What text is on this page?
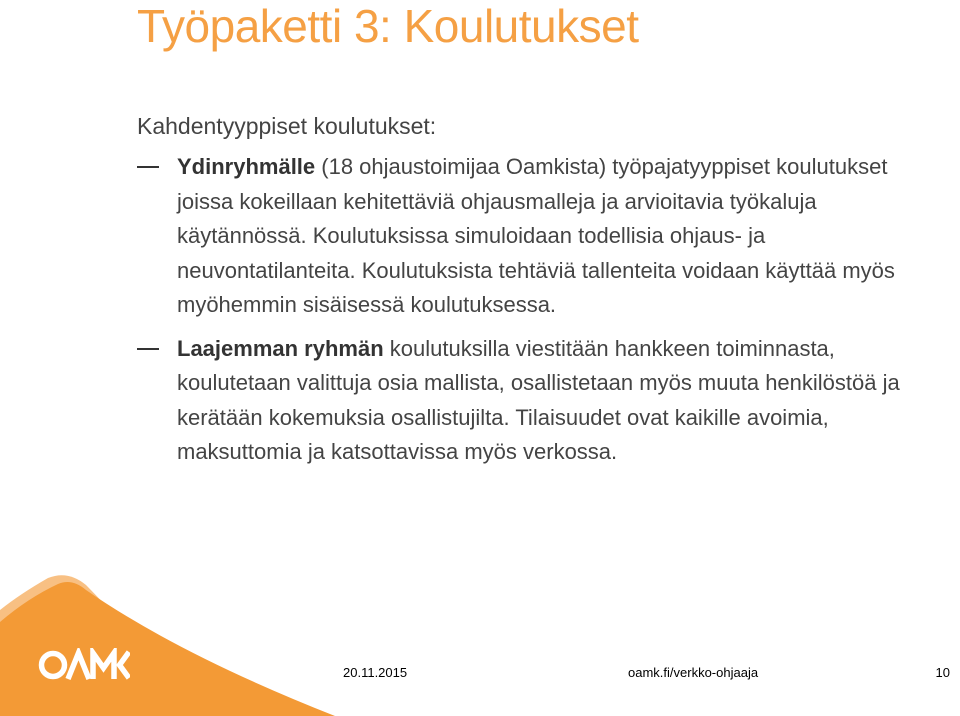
Työpaketti 3: Koulutukset
Kahdentyyppiset koulutukset:
Ydinryhmälle (18 ohjaustoimijaa Oamkista) työpajatyyppiset koulutukset joissa kokeillaan kehitettäviä ohjausmalleja ja arvioitavia työkaluja käytännössä. Koulutuksissa simuloidaan todellisia ohjaus- ja neuvontatilanteita. Koulutuksista tehtäviä tallenteita voidaan käyttää myös myöhemmin sisäisessä koulutuksessa.
Laajemman ryhmän koulutuksilla viestitään hankkeen toiminnasta, koulutetaan valittuja osia mallista, osallistetaan myös muuta henkilöstöä ja kerätään kokemuksia osallistujilta. Tilaisuudet ovat kaikille avoimia, maksuttomia ja katsottavissa myös verkossa.
20.11.2015	oamk.fi/verkko-ohjaaja	10
